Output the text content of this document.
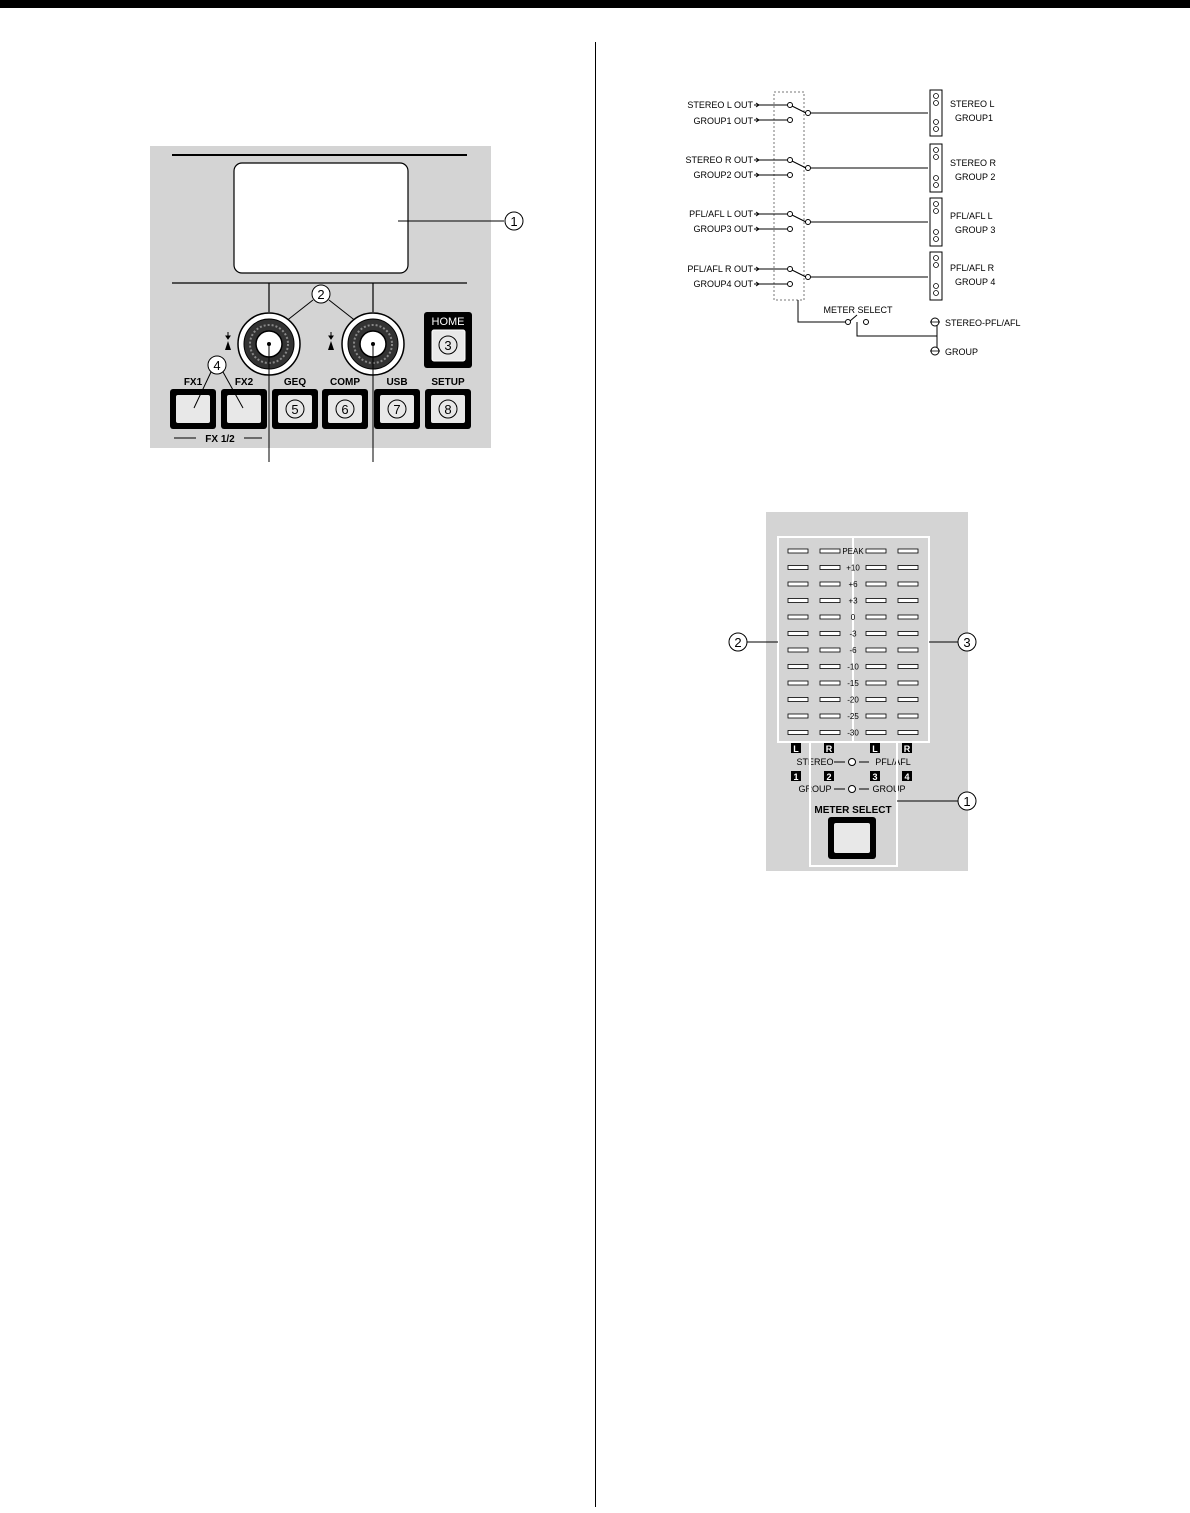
1
2
HOME
3
FX1	FX2	GEQ COMP	USB SETUP
4
5	6	7	8
FX 1/2
STEREO L OUT
GROUP1 OUT
STEREO L
GROUP1
STEREO R OUT
GROUP2 OUT
STEREO R
GROUP 2
PFL/AFL L OUT
GROUP3 OUT
PFL/AFL L
GROUP 3
PFL/AFL R OUT
GROUP4 OUT
PFL/AFL R
GROUP 4
METER SELECT
STEREO-PFL/AFL
GROUP
PEAK
+10
+6
+3
0
-3
-6
-10
-15
-20
-25
-30
2	3
L	R	L	R
STEREO	PFL/AFL
1	2	3	4
GROUP	GROUP
1
METER SELECT
